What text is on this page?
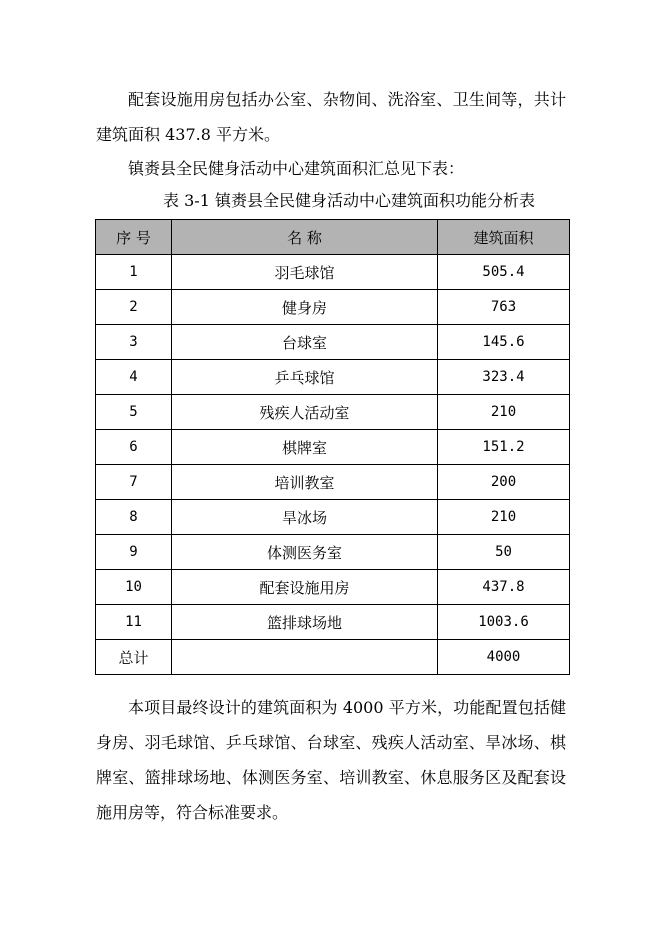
配套设施用房包括办公室、杂物间、洗浴室、卫生间等，共计建筑面积 437.8 平方米。

镇赉县全民健身活动中心建筑面积汇总见下表：

表 3-1 镇赉县全民健身活动中心建筑面积功能分析表
序 号	名 称	建筑面积
1	羽毛球馆	505.4
2	健身房	763
3	台球室	145.6
4	乒乓球馆	323.4
5	残疾人活动室	210
6	棋牌室	151.2
7	培训教室	200
8	旱冰场	210
9	体测医务室	50
10	配套设施用房	437.8
11	篮排球场地	1003.6
总计		4000

本项目最终设计的建筑面积为 4000 平方米，功能配置包括健身房、羽毛球馆、乒乓球馆、台球室、残疾人活动室、旱冰场、棋牌室、篮排球场地、体测医务室、培训教室、休息服务区及配套设施用房等，符合标准要求。
